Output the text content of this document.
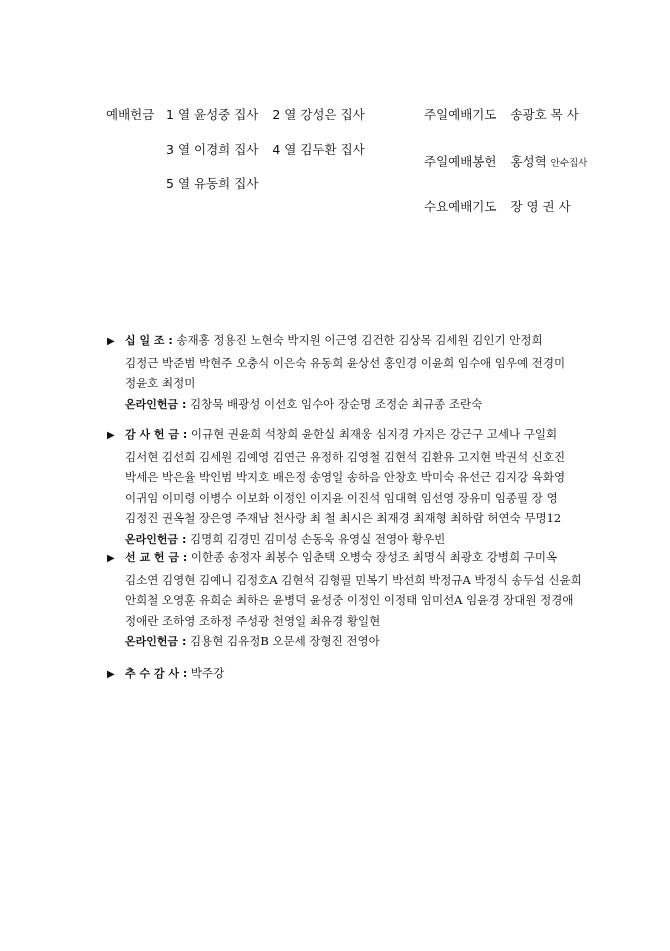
예배헌금 1 열 윤성중 집사 2 열 강성은 집사
3 열 이경희 집사 4 열 김두환 집사
5 열 유동희 집사
주일예배기도 송광호 목 사
주일예배봉헌 홍성혁 안수집사
수요예배기도 장 영 권 사
▶ 십 일 조 : 송재홍 정용진 노현숙 박지원 이근영 김건한 김상목 김세원 김인기 안정희
김정근 박준범 박현주 오충식 이은숙 유동희 윤상선 홍인경 이윤희 임수애 임우예 전경미
정윤호 최정미
온라인헌금 : 김창묵 배광성 이선호 임수아 장순명 조정순 최규종 조란숙
▶ 감 사 헌 금 : 이규현 권윤희 석창희 윤한실 최재웅 심지경 가지은 강근구 고세나 구일회
김서현 김선희 김세원 김예영 김연근 유정하 김영철 김현석 김환유 고지현 박권석 신호진
박세은 박은율 박인범 박지호 배은정 송영일 송하음 안창호 박미숙 유선근 김지강 육화영
이귀임 이미령 이병수 이보화 이정인 이지윤 이진석 임대혁 임선영 장유미 임종필 장 영
김정진 권옥철 장은영 주재남 천사랑 최 철 최시은 최재경 최재형 최하람 허연숙 무명12
온라인헌금 : 김명희 김경민 김미성 손동욱 유영실 전영아 황우빈
▶ 선 교 헌 금 : 이한종 송정자 최봉수 임춘택 오병숙 장성조 최명식 최광호 강병희 구미옥
김소연 김영현 김예니 김정호A 김현석 김형필 민복기 박선희 박정규A 박정식 송두섭 신윤희
안희철 오영훈 유희순 최하은 윤병덕 윤성중 이정인 이정태 임미선A 임윤경 장대원 정경애
정애란 조하영 조하정 주성광 천영일 최유경 황일현
온라인헌금 : 김용현 김유정B 오문세 장형진 전영아
▶ 추 수 감 사 : 박주강
